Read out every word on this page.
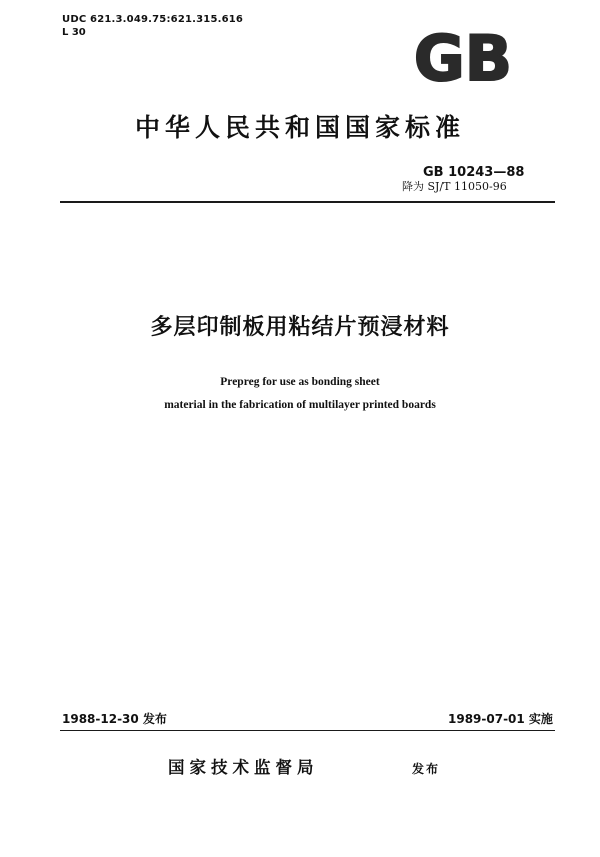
UDC 621.3.049.75:621.315.616
L 30	GB
中华人民共和国国家标准
GB 10243—88
降为 SJ/T 11050-96
多层印制板用粘结片预浸材料
Prepreg for use as bonding sheet
material in the fabrication of multilayer printed boards
1988-12-30 发布	1989-07-01 实施
国家技术监督局	发布
